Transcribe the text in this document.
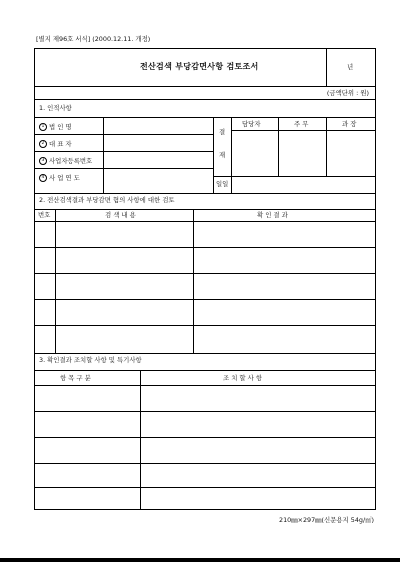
[별지 제96호 서식] (2000.12.11. 개정)
전산검색 부당감면사항 검토조서	년
(금액단위 : 원)
1. 인적사항
1 법 인 명
2 대 표 자
3 사업자등록번호
4 사 업 연 도
결
재
담당자	주 무	과 장
일일
2. 전산검색결과 부당감면 혐의 사항에 대한 검토
번호	검 색 내 용	확 인 결 과
3. 확인결과 조치할 사항 및 특기사항
항 목 구 분	조 치 할 사 항
210㎜×297㎜(신문용지 54g/㎡)
